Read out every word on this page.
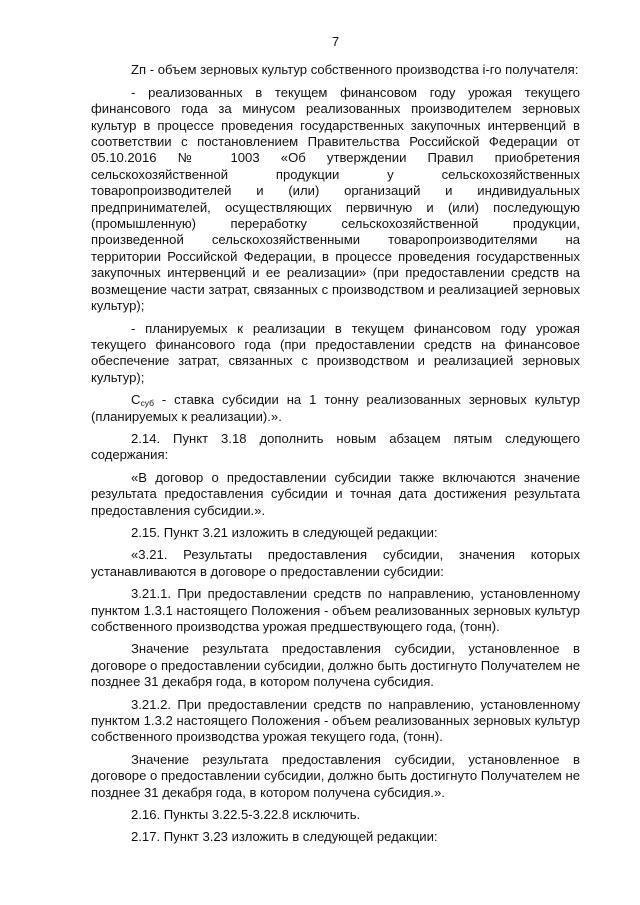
7

Zп - объем зерновых культур собственного производства i-го получателя:

- реализованных в текущем финансовом году урожая текущего финансового года за минусом реализованных производителем зерновых культур в процессе проведения государственных закупочных интервенций в соответствии с постановлением Правительства Российской Федерации от 05.10.2016 № 1003 «Об утверждении Правил приобретения сельскохозяйственной продукции у сельскохозяйственных товаропроизводителей и (или) организаций и индивидуальных предпринимателей, осуществляющих первичную и (или) последующую (промышленную) переработку сельскохозяйственной продукции, произведенной сельскохозяйственными товаропроизводителями на территории Российской Федерации, в процессе проведения государственных закупочных интервенций и ее реализации» (при предоставлении средств на возмещение части затрат, связанных с производством и реализацией зерновых культур);

- планируемых к реализации в текущем финансовом году урожая текущего финансового года (при предоставлении средств на финансовое обеспечение затрат, связанных с производством и реализацией зерновых культур);

$С_{суб}$ - ставка субсидии на 1 тонну реализованных зерновых культур (планируемых к реализации).».

2.14. Пункт 3.18 дополнить новым абзацем пятым следующего содержания:

«В договор о предоставлении субсидии также включаются значение результата предоставления субсидии и точная дата достижения результата предоставления субсидии.».

2.15. Пункт 3.21 изложить в следующей редакции:

«3.21. Результаты предоставления субсидии, значения которых устанавливаются в договоре о предоставлении субсидии:

3.21.1. При предоставлении средств по направлению, установленному пунктом 1.3.1 настоящего Положения - объем реализованных зерновых культур собственного производства урожая предшествующего года, (тонн).

Значение результата предоставления субсидии, установленное в договоре о предоставлении субсидии, должно быть достигнуто Получателем не позднее 31 декабря года, в котором получена субсидия.

3.21.2. При предоставлении средств по направлению, установленному пунктом 1.3.2 настоящего Положения - объем реализованных зерновых культур собственного производства урожая текущего года, (тонн).

Значение результата предоставления субсидии, установленное в договоре о предоставлении субсидии, должно быть достигнуто Получателем не позднее 31 декабря года, в котором получена субсидия.».

2.16. Пункты 3.22.5-3.22.8 исключить.

2.17. Пункт 3.23 изложить в следующей редакции:
